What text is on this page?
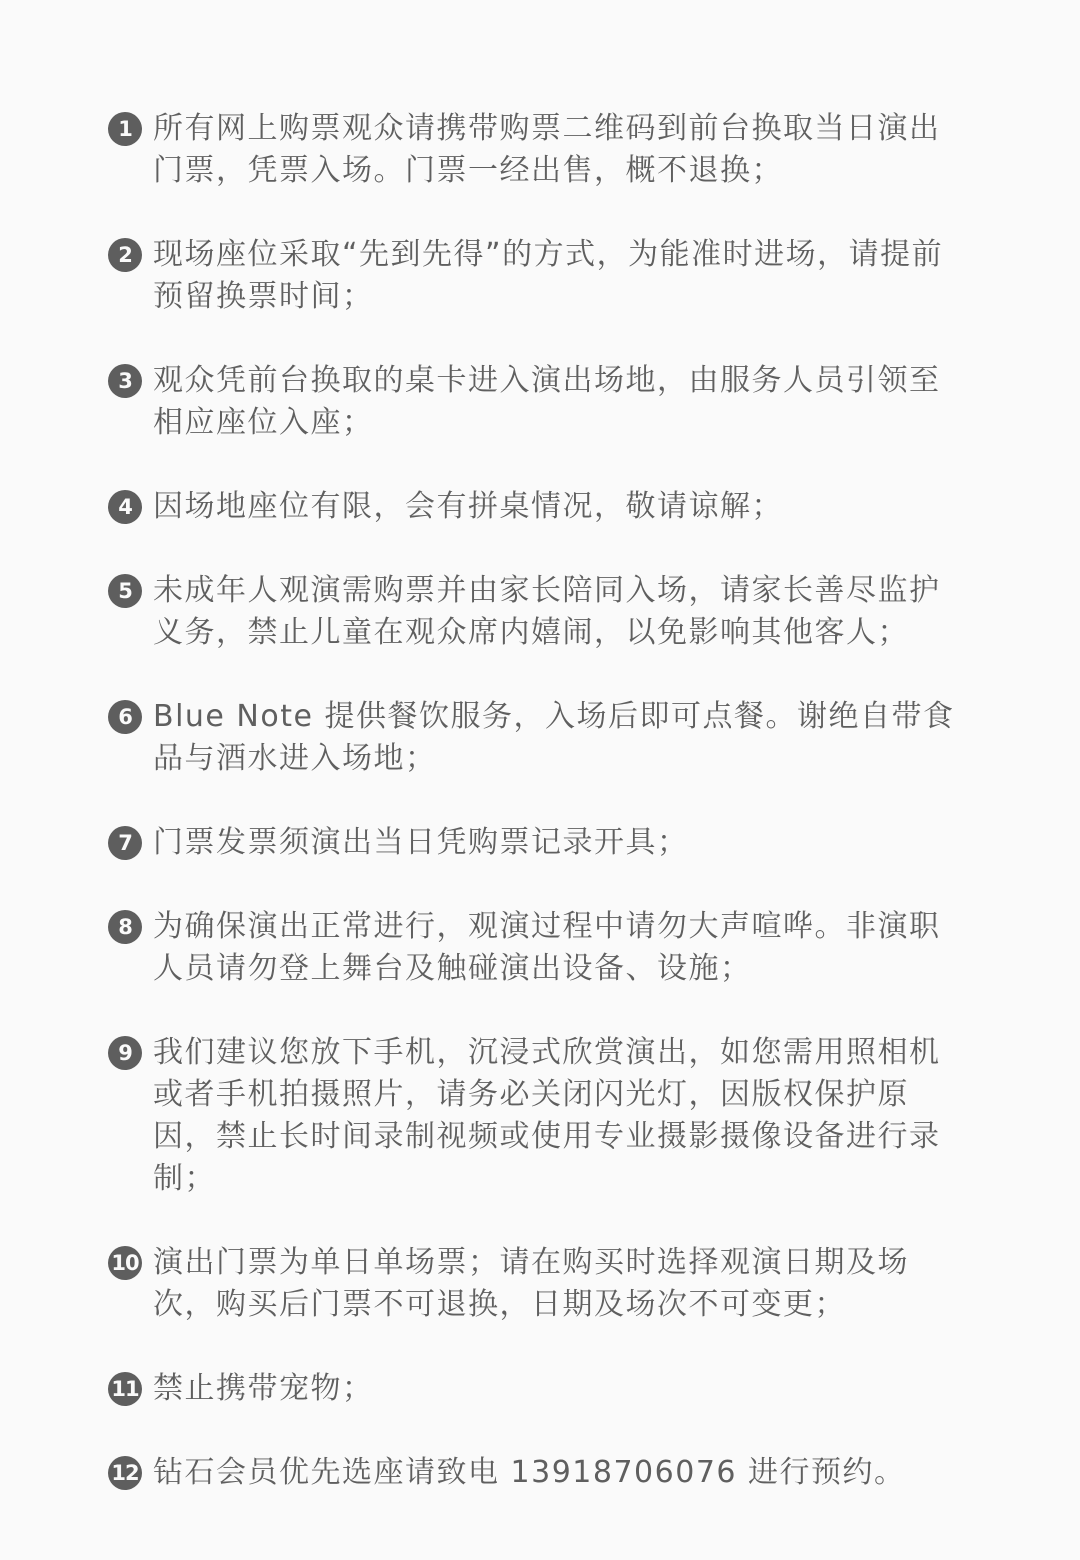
1 所有网上购票观众请携带购票二维码到前台换取当日演出门票，凭票入场。门票一经出售，概不退换；
2 现场座位采取“先到先得”的方式，为能准时进场，请提前预留换票时间；
3 观众凭前台换取的桌卡进入演出场地，由服务人员引领至相应座位入座；
4 因场地座位有限，会有拼桌情况，敬请谅解；
5 未成年人观演需购票并由家长陪同入场，请家长善尽监护义务，禁止儿童在观众席内嬉闹，以免影响其他客人；
6 Blue Note 提供餐饮服务，入场后即可点餐。谢绝自带食品与酒水进入场地；
7 门票发票须演出当日凭购票记录开具；
8 为确保演出正常进行，观演过程中请勿大声喧哗。非演职人员请勿登上舞台及触碰演出设备、设施；
9 我们建议您放下手机，沉浸式欣赏演出，如您需用照相机或者手机拍摄照片，请务必关闭闪光灯，因版权保护原因，禁止长时间录制视频或使用专业摄影摄像设备进行录制；
10 演出门票为单日单场票；请在购买时选择观演日期及场次，购买后门票不可退换，日期及场次不可变更；
11 禁止携带宠物；
12 钻石会员优先选座请致电 13918706076 进行预约。
